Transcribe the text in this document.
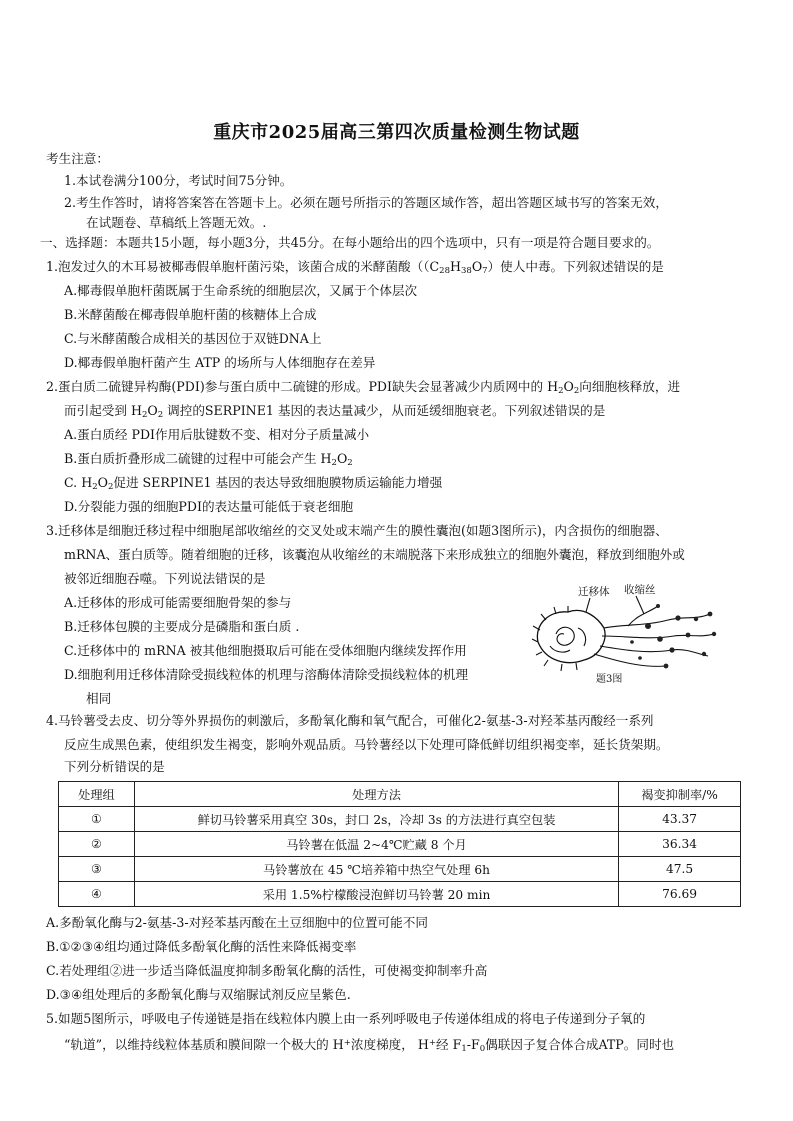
重庆市2025届高三第四次质量检测生物试题
考生注意：
1.本试卷满分100分，考试时间75分钟。
2.考生作答时，请将答案答在答题卡上。必须在题号所指示的答题区域作答，超出答题区域书写的答案无效，
在试题卷、草稿纸上答题无效。.
一、选择题：本题共15小题，每小题3分，共45分。在每小题给出的四个选项中，只有一项是符合题目要求的。
1.泡发过久的木耳易被椰毒假单胞杆菌污染，该菌合成的米酵菌酸（$(C_{28}H_{38}O_7)$使人中毒。下列叙述错误的是
A.椰毒假单胞杆菌既属于生命系统的细胞层次，又属于个体层次
B.米酵菌酸在椰毒假单胞杆菌的核糖体上合成
C.与米酵菌酸合成相关的基因位于双链DNA上
D.椰毒假单胞杆菌产生 ATP 的场所与人体细胞存在差异
2.蛋白质二硫键异构酶(PDI)参与蛋白质中二硫键的形成。PDI缺失会显著减少内质网中的 $H_2O_2$向细胞核释放，进
而引起受到 $H_2O_2$ 调控的SERPINE1 基因的表达量减少，从而延缓细胞衰老。下列叙述错误的是
A.蛋白质经 PDI作用后肽键数不变、相对分子质量减小
B.蛋白质折叠形成二硫键的过程中可能会产生 $H_2O_2$
C. $H_2O_2$促进 SERPINE1 基因的表达导致细胞膜物质运输能力增强
D.分裂能力强的细胞PDI的表达量可能低于衰老细胞
3.迁移体是细胞迁移过程中细胞尾部收缩丝的交叉处或末端产生的膜性囊泡(如题3图所示)，内含损伤的细胞器、
mRNA、蛋白质等。随着细胞的迁移，该囊泡从收缩丝的末端脱落下来形成独立的细胞外囊泡，释放到细胞外或
被邻近细胞吞噬。下列说法错误的是
A.迁移体的形成可能需要细胞骨架的参与
B.迁移体包膜的主要成分是磷脂和蛋白质 .
C.迁移体中的 mRNA 被其他细胞摄取后可能在受体细胞内继续发挥作用
D.细胞利用迁移体清除受损线粒体的机理与溶酶体清除受损线粒体的机理
相同
迁移体 收缩丝
题3图
4.马铃薯受去皮、切分等外界损伤的刺激后，多酚氧化酶和氧气配合，可催化2-氨基-3-对羟苯基丙酸经一系列
反应生成黑色素，使组织发生褐变，影响外观品质。马铃薯经以下处理可降低鲜切组织褐变率，延长货架期。
下列分析错误的是
处理组	处理方法	褐变抑制率/%
①	鲜切马铃薯采用真空 30s，封口 2s，冷却 3s 的方法进行真空包装	43.37
②	马铃薯在低温 2~4℃贮藏 8 个月	36.34
③	马铃薯放在 45 ℃培养箱中热空气处理 6h	47.5
④	采用 1.5%柠檬酸浸泡鲜切马铃薯 20 min	76.69
A.多酚氧化酶与2-氨基-3-对羟苯基丙酸在土豆细胞中的位置可能不同
B.①②③④组均通过降低多酚氧化酶的活性来降低褐变率
C.若处理组②进一步适当降低温度抑制多酚氧化酶的活性，可使褐变抑制率升高
D.③④组处理后的多酚氧化酶与双缩脲试剂反应呈紫色.
5.如题5图所示，呼吸电子传递链是指在线粒体内膜上由一系列呼吸电子传递体组成的将电子传递到分子氧的
“轨道”，以维持线粒体基质和膜间隙一个极大的 H+浓度梯度， H+经 $F_1-F_0$偶联因子复合体合成ATP。同时也
